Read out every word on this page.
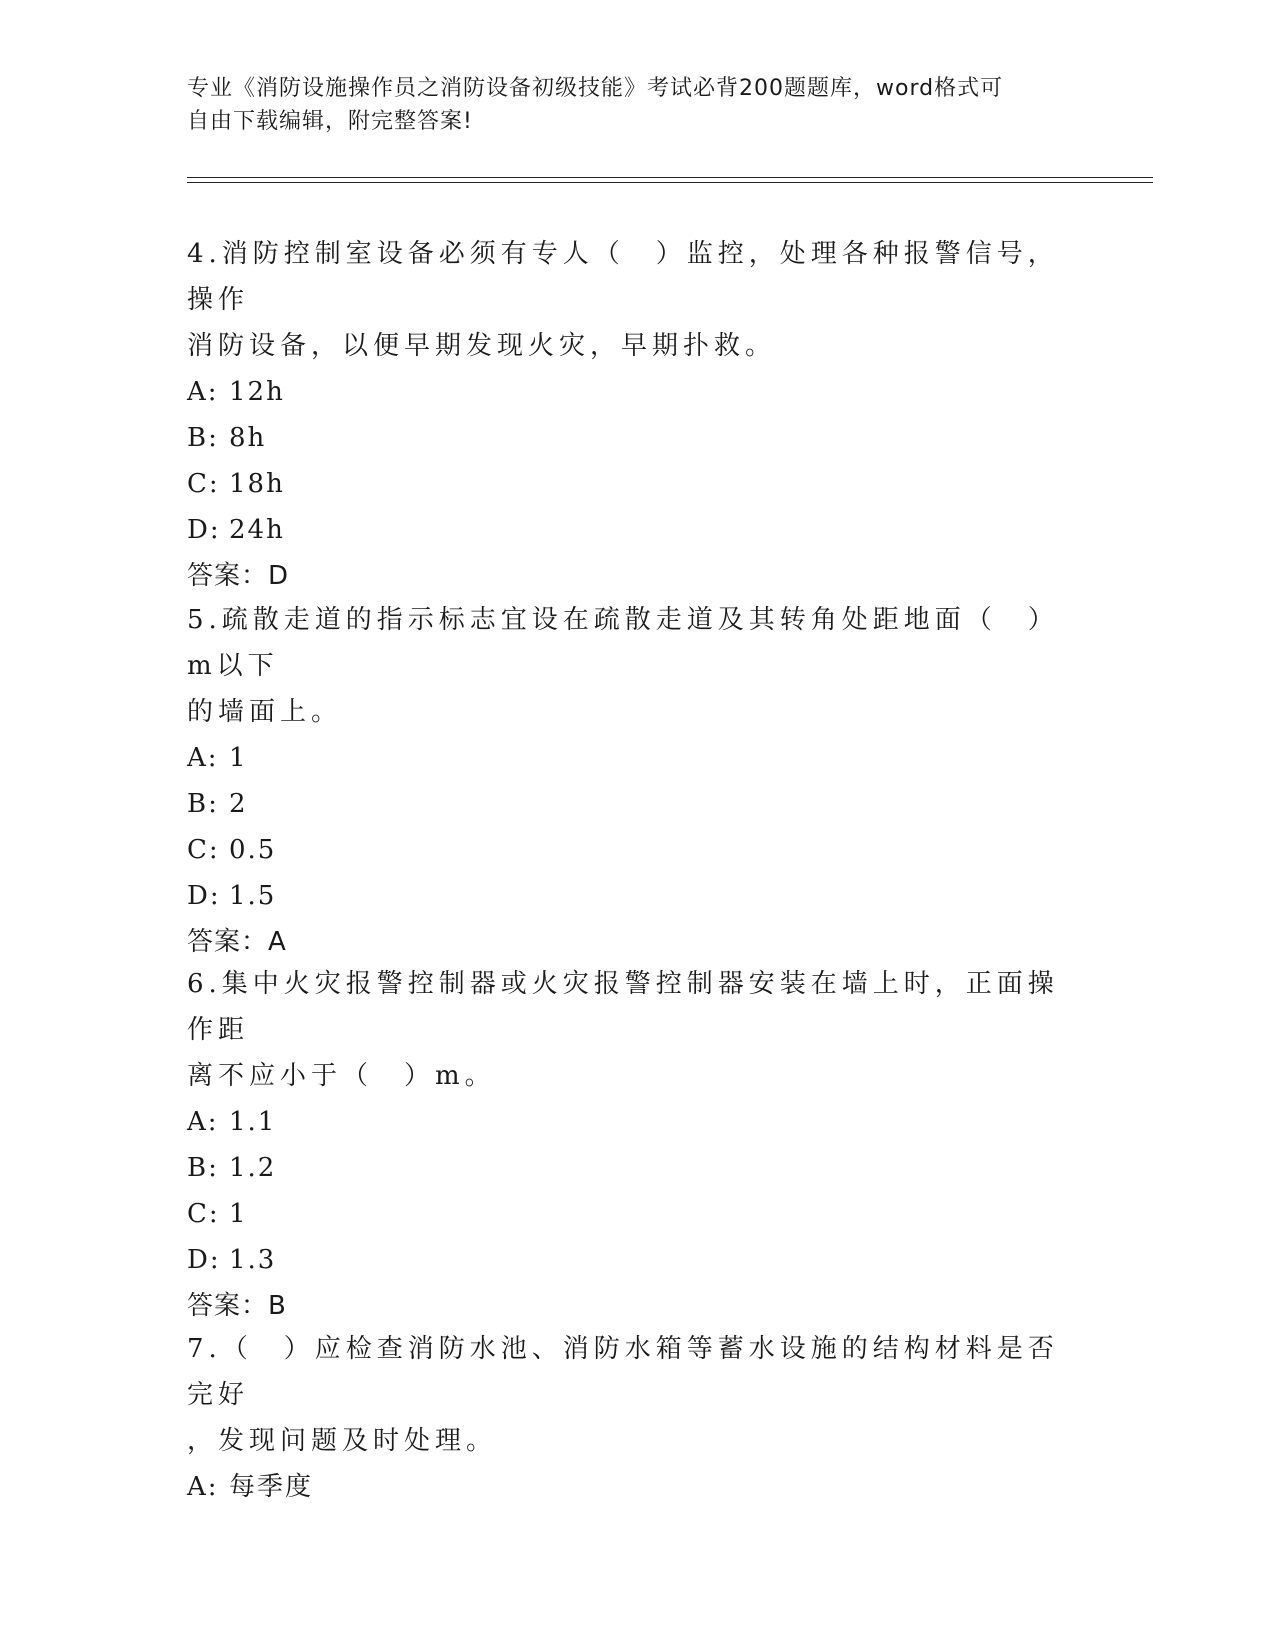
专业《消防设施操作员之消防设备初级技能》考试必背200题题库，word格式可
自由下载编辑，附完整答案!
4.消防控制室设备必须有专人（　）监控，处理各种报警信号，操作
消防设备，以便早期发现火灾，早期扑救。
A: 12h
B: 8h
C: 18h
D: 24h
答案：D
5.疏散走道的指示标志宜设在疏散走道及其转角处距地面（　）m以下
的墙面上。
A: 1
B: 2
C: 0.5
D: 1.5
答案：A
6.集中火灾报警控制器或火灾报警控制器安装在墙上时，正面操作距
离不应小于（　）m。
A: 1.1
B: 1.2
C: 1
D: 1.3
答案：B
7.（　）应检查消防水池、消防水箱等蓄水设施的结构材料是否完好
，发现问题及时处理。
A: 每季度
